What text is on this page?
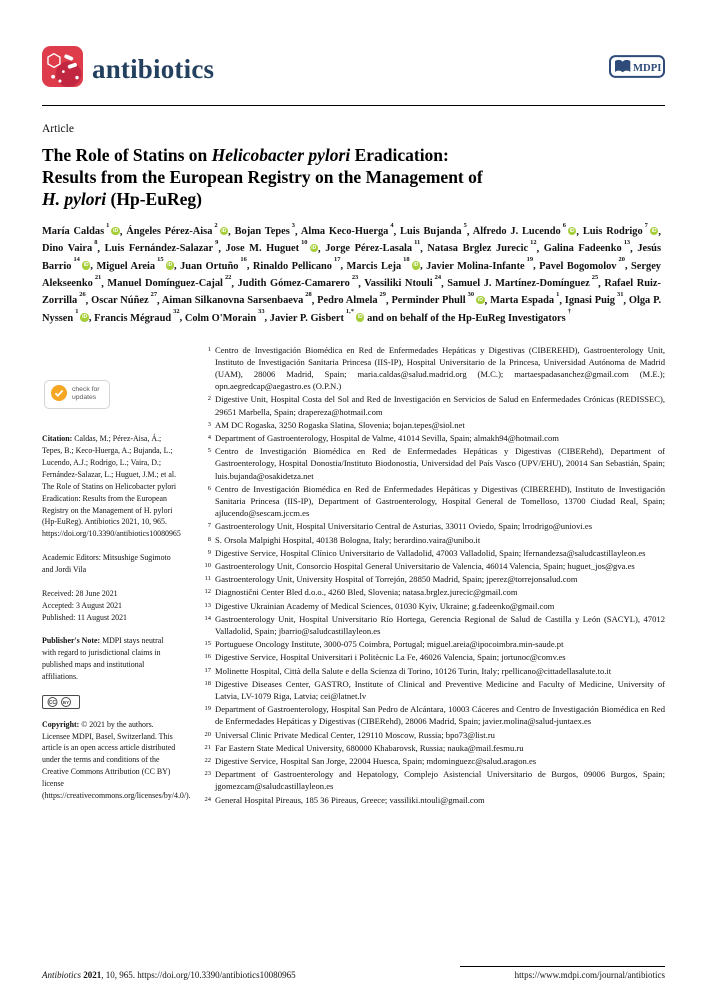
antibiotics	MDPI
Article
The Role of Statins on Helicobacter pylori Eradication:
Results from the European Registry on the Management of
H. pylori (Hp-EuReg)

María Caldas$^1$iD , Ángeles Pérez-Aisa$^2$iD , Bojan Tepes$^3$, Alma Keco-Huerga$^4$, Luis Bujanda$^5$, Alfredo J. Lucendo$^6$iD , Luis Rodrigo$^7$iD , Dino Vaira$^8$, Luis Fernández-Salazar$^9$, Jose M. Huguet$^{10}$iD , Jorge Pérez-Lasala$^{11}$, Natasa Brglez Jurecic$^{12}$, Galina Fadeenko$^{13}$, Jesús Barrio$^{14}$iD , Miguel Areia$^{15}$iD , Juan Ortuño$^{16}$, Rinaldo Pellicano$^{17}$, Marcis Leja$^{18}$iD , Javier Molina-Infante$^{19}$, Pavel Bogomolov$^{20}$, Sergey Alekseenko$^{21}$, Manuel Domínguez-Cajal$^{22}$, Judith Gómez-Camarero$^{23}$, Vassiliki Ntouli$^{24}$, Samuel J. Martínez-Domínguez$^{25}$, Rafael Ruiz-Zorrilla$^{26}$, Oscar Núñez$^{27}$, Aiman Silkanovna Sarsenbaeva$^{28}$, Pedro Almela$^{29}$, Perminder Phull$^{30}$iD , Marta Espada$^1$, Ignasi Puig$^{31}$, Olga P. Nyssen$^1$iD , Francis Mégraud$^{32}$, Colm O'Morain$^{33}$, Javier P. Gisbert$^{1,*}$iD and on behalf of the Hp-EuReg Investigators†

check for
updates

Citation: Caldas, M.; Pérez-Aisa, Á.; Tepes, B.; Keco-Huerga, A.; Bujanda, L.; Lucendo, A.J.; Rodrigo, L.; Vaira, D.; Fernández-Salazar, L.; Huguet, J.M.; et al. The Role of Statins on Helicobacter pylori Eradication: Results from the European Registry on the Management of H. pylori (Hp-EuReg). Antibiotics 2021, 10, 965. https://doi.org/10.3390/antibiotics10080965

Academic Editors: Mitsushige Sugimoto and Jordi Vila

Received: 28 June 2021
Accepted: 3 August 2021
Published: 11 August 2021

Publisher's Note: MDPI stays neutral with regard to jurisdictional claims in published maps and institutional affiliations.

CC BY

Copyright: © 2021 by the authors. Licensee MDPI, Basel, Switzerland. This article is an open access article distributed under the terms and conditions of the Creative Commons Attribution (CC BY) license (https://creativecommons.org/licenses/by/4.0/).

1 Centro de Investigación Biomédica en Red de Enfermedades Hepáticas y Digestivas (CIBEREHD), Gastroenterology Unit, Instituto de Investigación Sanitaria Princesa (IIS-IP), Hospital Universitario de la Princesa, Universidad Autónoma de Madrid (UAM), 28006 Madrid, Spain; maria.caldas@salud.madrid.org (M.C.); martaespadasanchez@gmail.com (M.E.); opn.aegredcap@aegastro.es (O.P.N.)
2 Digestive Unit, Hospital Costa del Sol and Red de Investigación en Servicios de Salud en Enfermedades Crónicas (REDISSEC), 29651 Marbella, Spain; drapereza@hotmail.com
3 AM DC Rogaska, 3250 Rogaska Slatina, Slovenia; bojan.tepes@siol.net
4 Department of Gastroenterology, Hospital de Valme, 41014 Sevilla, Spain; almakh94@hotmail.com
5 Centro de Investigación Biomédica en Red de Enfermedades Hepáticas y Digestivas (CIBERehd), Department of Gastroenterology, Hospital Donostia/Instituto Biodonostia, Universidad del País Vasco (UPV/EHU), 20014 San Sebastián, Spain; luis.bujanda@osakidetza.net
6 Centro de Investigación Biomédica en Red de Enfermedades Hepáticas y Digestivas (CIBEREHD), Instituto de Investigación Sanitaria Princesa (IIS-IP), Department of Gastroenterology, Hospital General de Tomelloso, 13700 Ciudad Real, Spain; ajlucendo@sescam.jccm.es
7 Gastroenterology Unit, Hospital Universitario Central de Asturias, 33011 Oviedo, Spain; lrrodrigo@uniovi.es
8 S. Orsola Malpighi Hospital, 40138 Bologna, Italy; berardino.vaira@unibo.it
9 Digestive Service, Hospital Clínico Universitario de Valladolid, 47003 Valladolid, Spain; lfernandezsa@saludcastillayleon.es
10 Gastroenterology Unit, Consorcio Hospital General Universitario de Valencia, 46014 Valencia, Spain; huguet_jos@gva.es
11 Gastroenterology Unit, University Hospital of Torrejón, 28850 Madrid, Spain; jperez@torrejonsalud.com
12 Diagnostični Center Bled d.o.o., 4260 Bled, Slovenia; natasa.brglez.jurecic@gmail.com
13 Digestive Ukrainian Academy of Medical Sciences, 01030 Kyiv, Ukraine; g.fadeenko@gmail.com
14 Gastroenterology Unit, Hospital Universitario Río Hortega, Gerencia Regional de Salud de Castilla y León (SACYL), 47012 Valladolid, Spain; jbarrio@saludcastillayleon.es
15 Portuguese Oncology Institute, 3000-075 Coimbra, Portugal; miguel.areia@ipocoimbra.min-saude.pt
16 Digestive Service, Hospital Universitari i Politècnic La Fe, 46026 Valencia, Spain; jortunoc@comv.es
17 Molinette Hospital, Città della Salute e della Scienza di Torino, 10126 Turin, Italy; rpellicano@cittadellasalute.to.it
18 Digestive Diseases Center, GASTRO, Institute of Clinical and Preventive Medicine and Faculty of Medicine, University of Latvia, LV-1079 Riga, Latvia; cei@latnet.lv
19 Department of Gastroenterology, Hospital San Pedro de Alcántara, 10003 Cáceres and Centro de Investigación Biomédica en Red de Enfermedades Hepáticas y Digestivas (CIBERehd), 28006 Madrid, Spain; javier.molina@salud-juntaex.es
20 Universal Clinic Private Medical Center, 129110 Moscow, Russia; bpo73@list.ru
21 Far Eastern State Medical University, 680000 Khabarovsk, Russia; nauka@mail.fesmu.ru
22 Digestive Service, Hospital San Jorge, 22004 Huesca, Spain; mdominguezc@salud.aragon.es
23 Department of Gastroenterology and Hepatology, Complejo Asistencial Universitario de Burgos, 09006 Burgos, Spain; jgomezcam@saludcastillayleon.es
24 General Hospital Pireaus, 185 36 Pireaus, Greece; vassiliki.ntouli@gmail.com
Antibiotics 2021, 10, 965. https://doi.org/10.3390/antibiotics10080965	https://www.mdpi.com/journal/antibiotics
